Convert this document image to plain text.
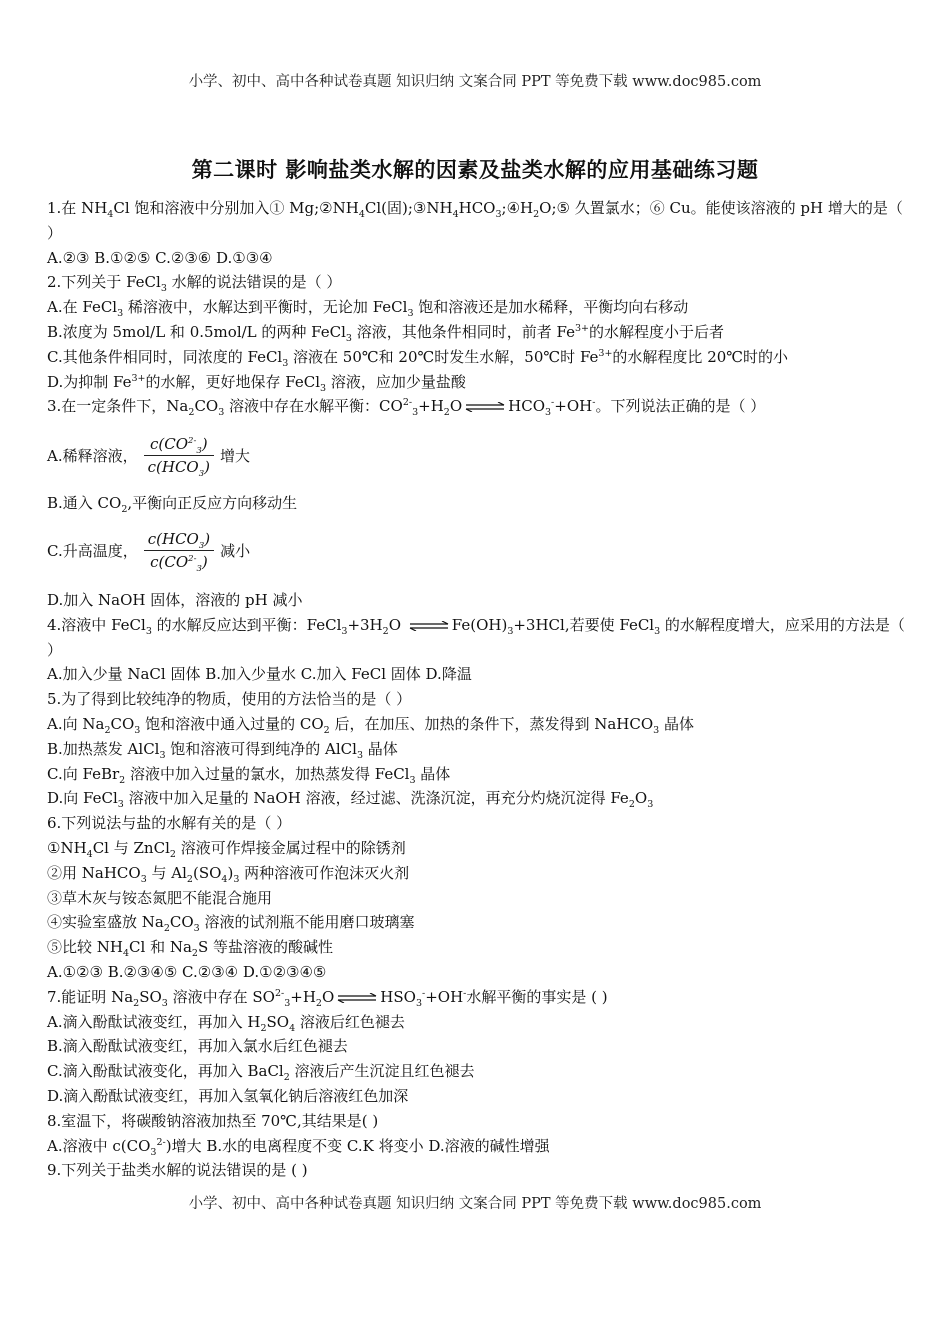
小学、初中、高中各种试卷真题 知识归纳 文案合同 PPT 等免费下载 www.doc985.com
第二课时 影响盐类水解的因素及盐类水解的应用基础练习题
1.在 $NH_4Cl$ 饱和溶液中分别加入① $Mg;②NH_4Cl$(固)$;③NH_4HCO_3;④H_2O;⑤$ 久置氯水；⑥ Cu。能使该溶液的 pH 增大的是（ ）
A.②③ B.①②⑤ C.②③⑥ D.①③④
2.下列关于 FeCl$_3$ 水解的说法错误的是（ ）
A.在 FeCl$_3$ 稀溶液中，水解达到平衡时，无论加 FeCl$_3$ 饱和溶液还是加水稀释，平衡均向右移动
B.浓度为 5mol/L 和 0.5mol/L 的两种 FeCl$_3$ 溶液，其他条件相同时，前者 $Fe^{3+}$的水解程度小于后者
C.其他条件相同时，同浓度的 FeCl$_3$ 溶液在 50℃和 20℃时发生水解，50℃时 $Fe^{3+}$的水解程度比 20℃时的小
D.为抑制 $Fe^{3+}$的水解，更好地保存 FeCl$_3$ 溶液，应加少量盐酸
3.在一定条件下，$Na_2CO_3$ 溶液中存在水解平衡：$CO^{2-}_3+H_2O$ ⇌ $HCO_3^-+OH^-$。下列说法正确的是（ ）
A.稀释溶液， $\frac{c(CO^{2-}_3)}{c(HCO_3)}$ 增大
B.通入 $CO_2$,平衡向正反应方向移动生
C.升高温度， $\frac{c(HCO_3)}{c(CO^{2-}_3)}$ 减小
D.加入 NaOH 固体，溶液的 pH 减小
4.溶液中 FeCl$_3$ 的水解反应达到平衡：$FeCl_3+3H_2O$ ⇌ $Fe(OH)_3+3HCl$,若要使 FeCl$_3$ 的水解程度增大，应采用的方法是（ ）
A.加入少量 NaCl 固体 B.加入少量水 C.加入 FeCl 固体 D.降温
5.为了得到比较纯净的物质，使用的方法恰当的是（ ）
A.向 $Na_2CO_3$ 饱和溶液中通入过量的 $CO_2$ 后，在加压、加热的条件下，蒸发得到 NaHCO$_3$ 晶体
B.加热蒸发 AlCl$_3$ 饱和溶液可得到纯净的 AlCl$_3$ 晶体
C.向 FeBr$_2$ 溶液中加入过量的氯水，加热蒸发得 FeCl$_3$ 晶体
D.向 FeCl$_3$ 溶液中加入足量的 NaOH 溶液，经过滤、洗涤沉淀，再充分灼烧沉淀得 $Fe_2O_3$
6.下列说法与盐的水解有关的是（ ）
$①NH_4Cl$ 与 ZnCl$_2$ 溶液可作焊接金属过程中的除锈剂
②用 NaHCO$_3$ 与 $Al_2(SO_4)_3$ 两种溶液可作泡沫灭火剂
③草木灰与铵态氮肥不能混合施用
④实验室盛放 $Na_2CO_3$ 溶液的试剂瓶不能用磨口玻璃塞
⑤比较 $NH_4Cl$ 和 $Na_2S$ 等盐溶液的酸碱性
A.①②③ B.②③④⑤ C.②③④ D.①②③④⑤
7.能证明 $Na_2SO_3$ 溶液中存在 $SO^{2-}_3+H_2O$ ⇌ $HSO_3^-+OH^-$水解平衡的事实是 ( )
A.滴入酚酞试液变红，再加入 $H_2SO_4$ 溶液后红色褪去
B.滴入酚酞试液变红，再加入氯水后红色褪去
C.滴入酚酞试液变化，再加入 BaCl$_2$ 溶液后产生沉淀且红色褪去
D.滴入酚酞试液变红，再加入氢氧化钠后溶液红色加深
8.室温下，将碳酸钠溶液加热至 70℃,其结果是( )
A.溶液中 $c(CO_3^{2-})$增大 B.水的电离程度不变 C.K 将变小 D.溶液的碱性增强
9.下列关于盐类水解的说法错误的是 ( )
小学、初中、高中各种试卷真题 知识归纳 文案合同 PPT 等免费下载 www.doc985.com
